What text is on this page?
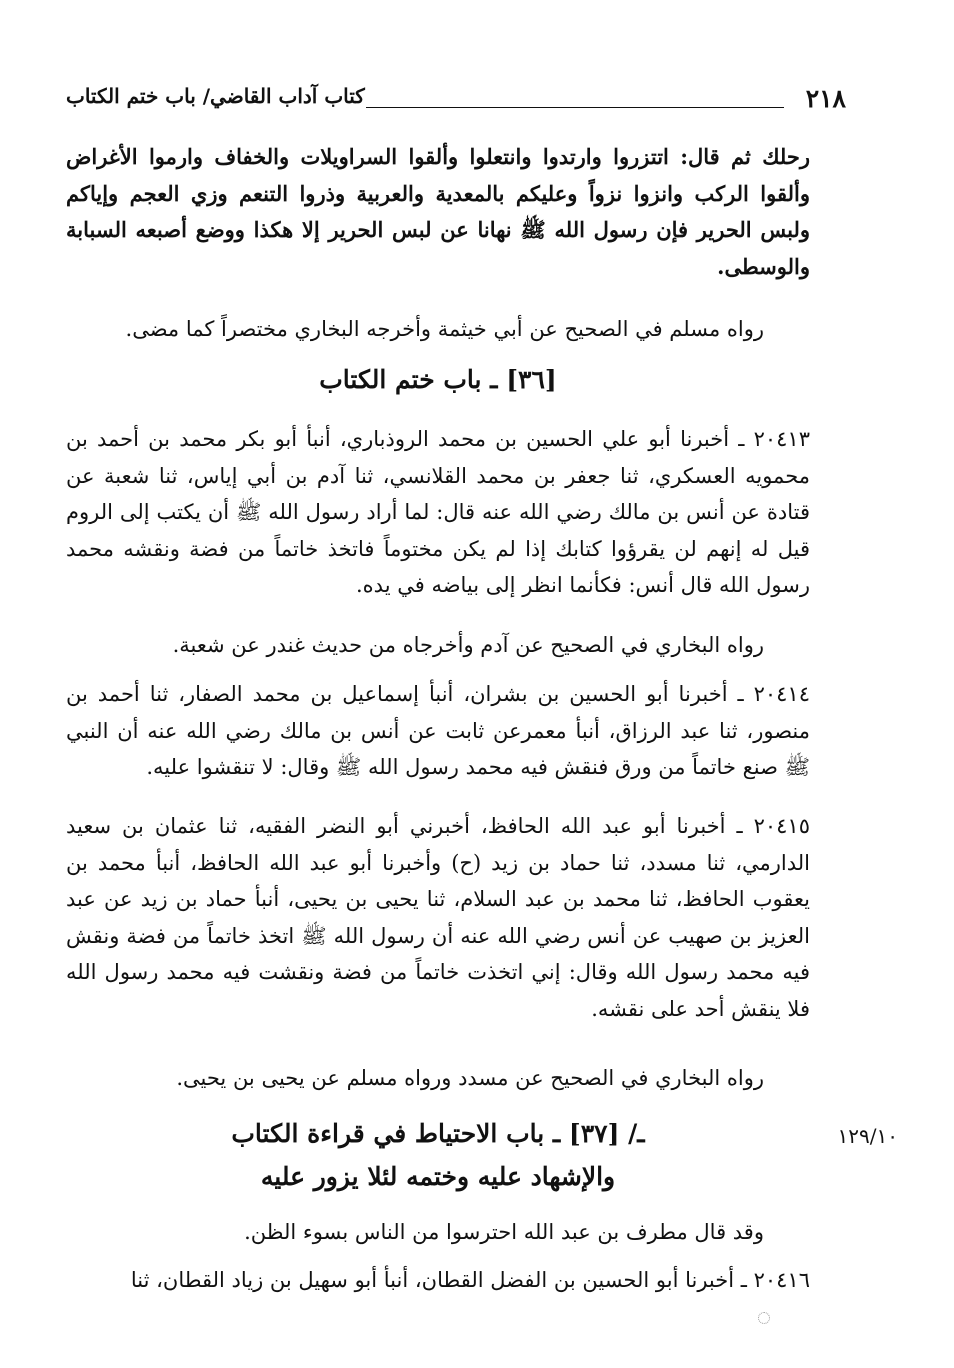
٢١٨
كتاب آداب القاضي/ باب ختم الكتاب
رحلك ثم قال: اتتزروا وارتدوا وانتعلوا وألقوا السراويلات والخفاف وارموا الأغراض وألقوا الركب وانزوا نزواً وعليكم بالمعدية والعربية وذروا التنعم وزي العجم وإياكم ولبس الحرير فإن رسول الله ﷺ نهانا عن لبس الحرير إلا هكذا ووضع أصبعه السبابة والوسطى.
رواه مسلم في الصحيح عن أبي خيثمة وأخرجه البخاري مختصراً كما مضى.
[٣٦] ـ باب ختم الكتاب
٢٠٤١٣ ـ أخبرنا أبو علي الحسين بن محمد الروذباري، أنبأ أبو بكر محمد بن أحمد بن محمويه العسكري، ثنا جعفر بن محمد القلانسي، ثنا آدم بن أبي إياس، ثنا شعبة عن قتادة عن أنس بن مالك رضي الله عنه قال: لما أراد رسول الله ﷺ أن يكتب إلى الروم قيل له إنهم لن يقرؤوا كتابك إذا لم يكن مختوماً فاتخذ خاتماً من فضة ونقشه محمد رسول الله قال أنس: فكأنما انظر إلى بياضه في يده.
رواه البخاري في الصحيح عن آدم وأخرجاه من حديث غندر عن شعبة.
٢٠٤١٤ ـ أخبرنا أبو الحسين بن بشران، أنبأ إسماعيل بن محمد الصفار، ثنا أحمد بن منصور، ثنا عبد الرزاق، أنبأ معمرعن ثابت عن أنس بن مالك رضي الله عنه أن النبي ﷺ صنع خاتماً من ورق فنقش فيه محمد رسول الله ﷺ وقال: لا تنقشوا عليه.
٢٠٤١٥ ـ أخبرنا أبو عبد الله الحافظ، أخبرني أبو النضر الفقيه، ثنا عثمان بن سعيد الدارمي، ثنا مسدد، ثنا حماد بن زيد (ح) وأخبرنا أبو عبد الله الحافظ، أنبأ محمد بن يعقوب الحافظ، ثنا محمد بن عبد السلام، ثنا يحيى بن يحيى، أنبأ حماد بن زيد عن عبد العزيز بن صهيب عن أنس رضي الله عنه أن رسول الله ﷺ اتخذ خاتماً من فضة ونقش فيه محمد رسول الله وقال: إني اتخذت خاتماً من فضة ونقشت فيه محمد رسول الله فلا ينقش أحد على نقشه.
رواه البخاري في الصحيح عن مسدد ورواه مسلم عن يحيى بن يحيى.
ـ/ [٣٧] ـ باب الاحتياط في قراءة الكتاب
والإشهاد عليه وختمه لئلا يزور عليه
١٢٩/١٠
وقد قال مطرف بن عبد الله احترسوا من الناس بسوء الظن.
٢٠٤١٦ ـ أخبرنا أبو الحسين بن الفضل القطان، أنبأ أبو سهيل بن زياد القطان، ثنا
